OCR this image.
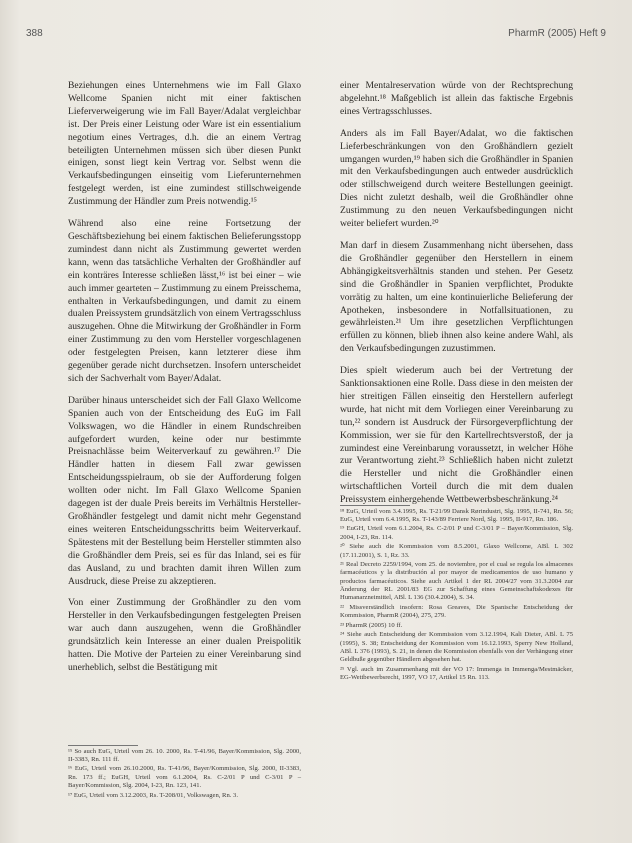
388	PharmR (2005) Heft 9

Beziehungen eines Unternehmens wie im Fall Glaxo Wellcome Spanien nicht mit einer faktischen Lieferverweigerung wie im Fall Bayer/Adalat vergleichbar ist. Der Preis einer Leistung oder Ware ist ein essentialium negotium eines Vertrages, d.h. die an einem Vertrag beteiligten Unternehmen müssen sich über diesen Punkt einigen, sonst liegt kein Vertrag vor. Selbst wenn die Verkaufsbedingungen einseitig vom Lieferunternehmen festgelegt werden, ist eine zumindest stillschweigende Zustimmung der Händler zum Preis notwendig.¹⁵

Während also eine reine Fortsetzung der Geschäftsbeziehung bei einem faktischen Belieferungsstopp zumindest dann nicht als Zustimmung gewertet werden kann, wenn das tatsächliche Verhalten der Großhändler auf ein konträres Interesse schließen lässt,¹⁶ ist bei einer – wie auch immer gearteten – Zustimmung zu einem Preisschema, enthalten in Verkaufsbedingungen, und damit zu einem dualen Preissystem grundsätzlich von einem Vertragsschluss auszugehen. Ohne die Mitwirkung der Großhändler in Form einer Zustimmung zu den vom Hersteller vorgeschlagenen oder festgelegten Preisen, kann letzterer diese ihm gegenüber gerade nicht durchsetzen. Insofern unterscheidet sich der Sachverhalt vom Bayer/Adalat.

Darüber hinaus unterscheidet sich der Fall Glaxo Wellcome Spanien auch von der Entscheidung des EuG im Fall Volkswagen, wo die Händler in einem Rundschreiben aufgefordert wurden, keine oder nur bestimmte Preisnachlässe beim Weiterverkauf zu gewähren.¹⁷ Die Händler hatten in diesem Fall zwar gewissen Entscheidungsspielraum, ob sie der Aufforderung folgen wollten oder nicht. Im Fall Glaxo Wellcome Spanien dagegen ist der duale Preis bereits im Verhältnis Hersteller-Großhändler festgelegt und damit nicht mehr Gegenstand eines weiteren Entscheidungsschritts beim Weiterverkauf. Spätestens mit der Bestellung beim Hersteller stimmten also die Großhändler dem Preis, sei es für das Inland, sei es für das Ausland, zu und brachten damit ihren Willen zum Ausdruck, diese Preise zu akzeptieren.

Von einer Zustimmung der Großhändler zu den vom Hersteller in den Verkaufsbedingungen festgelegten Preisen war auch dann auszugehen, wenn die Großhändler grundsätzlich kein Interesse an einer dualen Preispolitik hatten. Die Motive der Parteien zu einer Vereinbarung sind unerheblich, selbst die Bestätigung mit

¹⁵ So auch EuG, Urteil vom 26. 10. 2000, Rs. T-41/96, Bayer/Kommission, Slg. 2000, II-3383, Rn. 111 ff.
¹⁶ EuG, Urteil vom 26.10.2000, Rs. T-41/96, Bayer/Kommission, Slg. 2000, II-3383, Rn. 173 ff.; EuGH, Urteil vom 6.1.2004, Rs. C-2/01 P und C-3/01 P – Bayer/Kommission, Slg. 2004, I-23, Rn. 123, 141.
¹⁷ EuG, Urteil vom 3.12.2003, Rs. T-208/01, Volkswagen, Rn. 3.

einer Mentalreservation würde von der Rechtsprechung abgelehnt.¹⁸ Maßgeblich ist allein das faktische Ergebnis eines Vertragsschlusses.

Anders als im Fall Bayer/Adalat, wo die faktischen Lieferbeschränkungen von den Großhändlern gezielt umgangen wurden,¹⁹ haben sich die Großhändler in Spanien mit den Verkaufsbedingungen auch entweder ausdrücklich oder stillschweigend durch weitere Bestellungen geeinigt. Dies nicht zuletzt deshalb, weil die Großhändler ohne Zustimmung zu den neuen Verkaufsbedingungen nicht weiter beliefert wurden.²⁰

Man darf in diesem Zusammenhang nicht übersehen, dass die Großhändler gegenüber den Herstellern in einem Abhängigkeitsverhältnis standen und stehen. Per Gesetz sind die Großhändler in Spanien verpflichtet, Produkte vorrätig zu halten, um eine kontinuierliche Belieferung der Apotheken, insbesondere in Notfallsituationen, zu gewährleisten.²¹ Um ihre gesetzlichen Verpflichtungen erfüllen zu können, blieb ihnen also keine andere Wahl, als den Verkaufsbedingungen zuzustimmen.

Dies spielt wiederum auch bei der Vertretung der Sanktionsaktionen eine Rolle. Dass diese in den meisten der hier streitigen Fällen einseitig den Herstellern auferlegt wurde, hat nicht mit dem Vorliegen einer Vereinbarung zu tun,²² sondern ist Ausdruck der Fürsorgeverpflichtung der Kommission, wer sie für den Kartellrechtsverstoß, der ja zumindest eine Vereinbarung voraussetzt, in welcher Höhe zur Verantwortung zieht.²³ Schließlich haben nicht zuletzt die Hersteller und nicht die Großhändler einen wirtschaftlichen Vorteil durch die mit dem dualen Preissystem einhergehende Wettbewerbsbeschränkung.²⁴

¹⁸ EuG, Urteil vom 3.4.1995, Rs. T-21/99 Dansk Rørindustri, Slg. 1995, II-741, Rn. 56; EuG, Urteil vom 6.4.1995, Rs. T-143/89 Ferriere Nord, Slg. 1995, II-917, Rn. 186.
¹⁹ EuGH, Urteil vom 6.1.2004, Rs. C-2/01 P und C-3/01 P – Bayer/Kommission, Slg. 2004, I-23, Rn. 114.
²⁰ Siehe auch die Kommission vom 8.5.2001, Glaxo Wellcome, ABl. L 302 (17.11.2001), S. 1, Rz. 33.
²¹ Real Decreto 2259/1994, vom 25. de noviembre, por el cual se regula los almacenes farmacéuticos y la distribución al por mayor de medicamentos de uso humano y productos farmacéuticos. Siehe auch Artikel 1 der RL 2004/27 vom 31.3.2004 zur Änderung der RL 2001/83 EG zur Schaffung eines Gemeinschaftskodexes für Humanarzneimittel, ABl. L 136 (30.4.2004), S. 34.
²² Missverständlich insofern: Rosa Greaves, Die Spanische Entscheidung der Kommission, PharmR (2004), 275, 279.
²³ PharmR (2005) 10 ff.
²⁴ Siehe auch Entscheidung der Kommission vom 3.12.1994, Kali Dieter, ABl. L 75 (1995), S. 38; Entscheidung der Kommission vom 16.12.1993, Sperry New Holland, ABl. L 376 (1993), S. 21, in denen die Kommission ebenfalls von der Verhängung einer Geldbuße gegenüber Händlern abgesehen hat.
²⁵ Vgl. auch im Zusammenhang mit der VO 17: Immenga in Immenga/Mestmäcker, EG-Wettbewerbsrecht, 1997, VO 17, Artikel 15 Rn. 113.
